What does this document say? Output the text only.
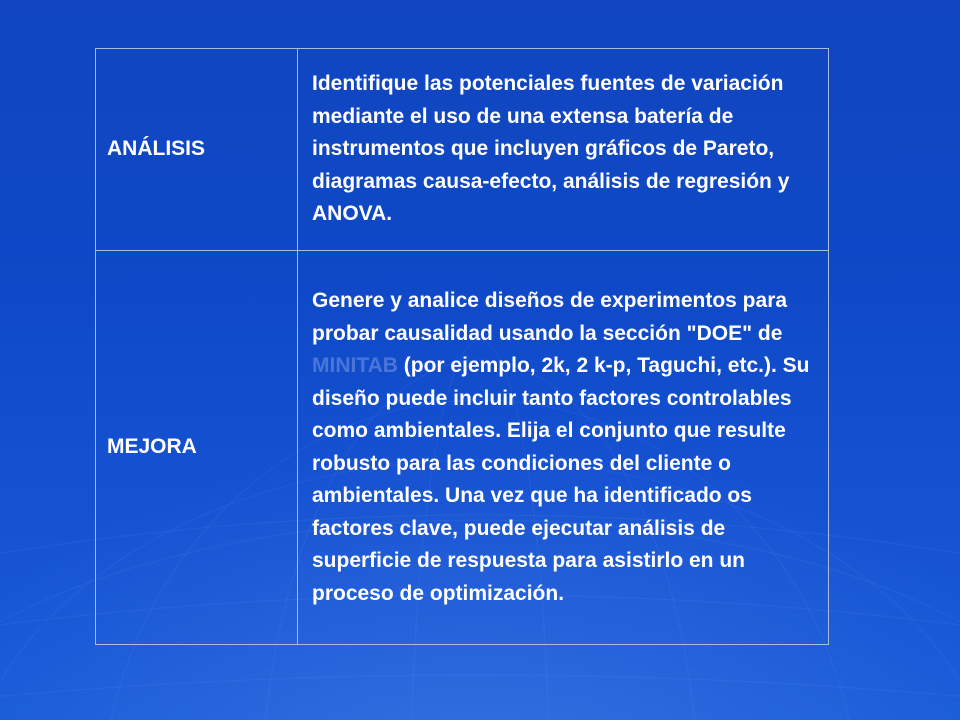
ANÁLISIS	Identifique las potenciales fuentes de variación mediante el uso de una extensa batería de instrumentos que incluyen gráficos de Pareto, diagramas causa-efecto, análisis de regresión y ANOVA.
MEJORA	Genere y analice diseños de experimentos para probar causalidad usando la sección "DOE" de MINITAB (por ejemplo, 2k, 2 k-p, Taguchi, etc.). Su diseño puede incluir tanto factores controlables como ambientales. Elija el conjunto que resulte robusto para las condiciones del cliente o ambientales. Una vez que ha identificado os factores clave, puede ejecutar análisis de superficie de respuesta para asistirlo en un proceso de optimización.
